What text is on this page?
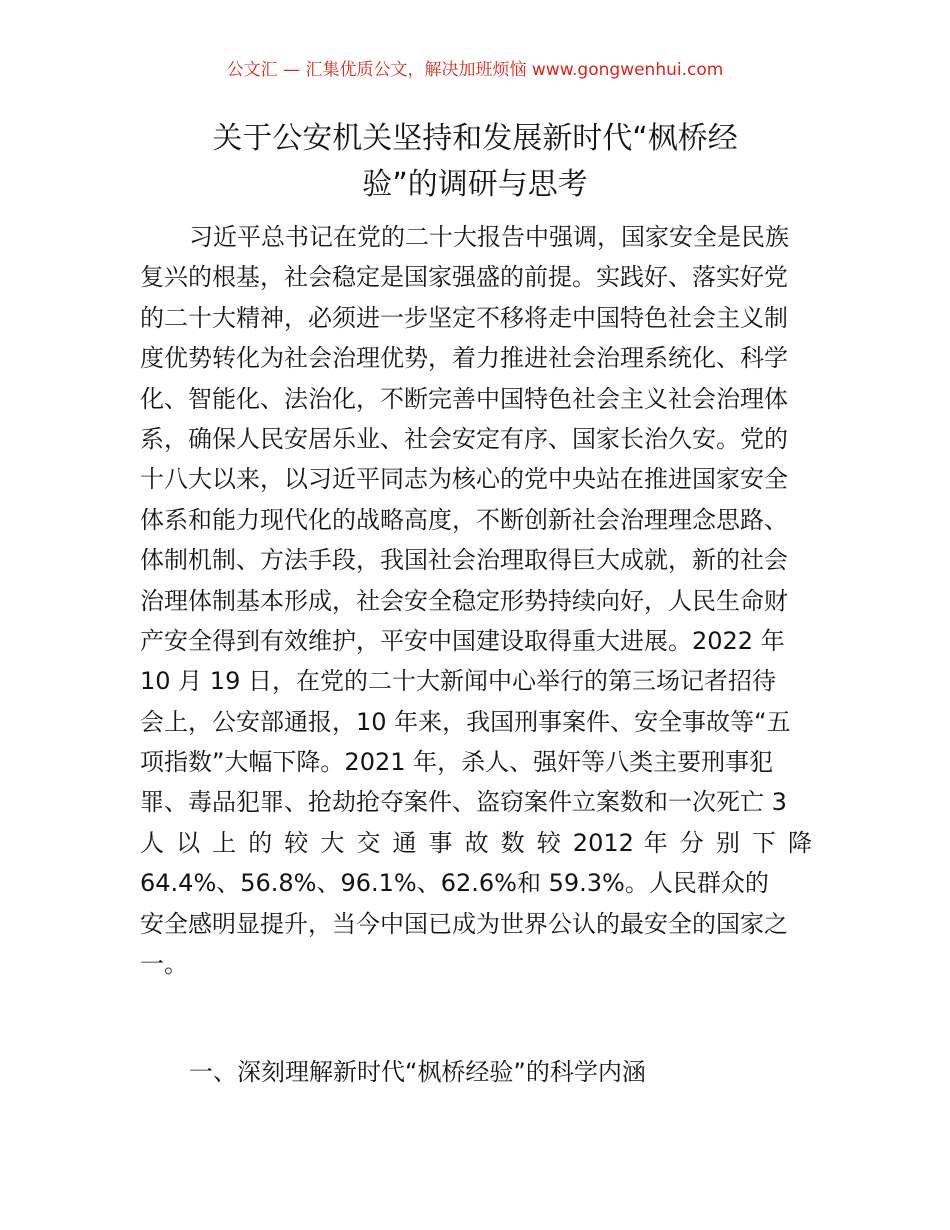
公文汇 — 汇集优质公文，解决加班烦恼 www.gongwenhui.com
关于公安机关坚持和发展新时代“枫桥经
验”的调研与思考
习近平总书记在党的二十大报告中强调，国家安全是民族
复兴的根基，社会稳定是国家强盛的前提。实践好、落实好党
的二十大精神，必须进一步坚定不移将走中国特色社会主义制
度优势转化为社会治理优势，着力推进社会治理系统化、科学
化、智能化、法治化，不断完善中国特色社会主义社会治理体
系，确保人民安居乐业、社会安定有序、国家长治久安。党的
十八大以来，以习近平同志为核心的党中央站在推进国家安全
体系和能力现代化的战略高度，不断创新社会治理理念思路、
体制机制、方法手段，我国社会治理取得巨大成就，新的社会
治理体制基本形成，社会安全稳定形势持续向好，人民生命财
产安全得到有效维护，平安中国建设取得重大进展。2022 年
10 月 19 日，在党的二十大新闻中心举行的第三场记者招待
会上，公安部通报，10 年来，我国刑事案件、安全事故等“五
项指数”大幅下降。2021 年，杀人、强奸等八类主要刑事犯
罪、毒品犯罪、抢劫抢夺案件、盗窃案件立案数和一次死亡 3
人 以 上 的 较 大 交 通 事 故 数 较 2012 年 分 别 下 降
64.4%、56.8%、96.1%、62.6%和 59.3%。人民群众的
安全感明显提升，当今中国已成为世界公认的最安全的国家之
一。
一、深刻理解新时代“枫桥经验”的科学内涵
